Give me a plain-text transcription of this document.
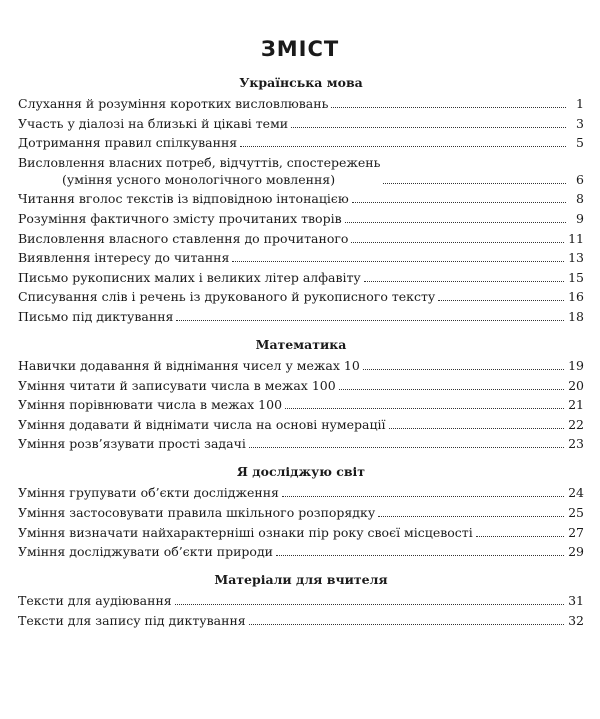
ЗМІСТ
Українська мова
Слухання й розуміння коротких висловлювань	1
Участь у діалозі на близькі й цікаві теми	3
Дотримання правил спілкування	5
Висловлення власних потреб, відчуттів, спостережень
(уміння усного монологічного мовлення)	6
Читання вголос текстів із відповідною інтонацією	8
Розуміння фактичного змісту прочитаних творів	9
Висловлення власного ставлення до прочитаного	11
Виявлення інтересу до читання	13
Письмо рукописних малих і великих літер алфавіту	15
Списування слів і речень із друкованого й рукописного тексту	16
Письмо під диктування	18
Математика
Навички додавання й віднімання чисел у межах 10	19
Уміння читати й записувати числа в межах 100	20
Уміння порівнювати числа в межах 100	21
Уміння додавати й віднімати числа на основі нумерації	22
Уміння розв’язувати прості задачі	23
Я досліджую світ
Уміння групувати об’єкти дослідження	24
Уміння застосовувати правила шкільного розпорядку	25
Уміння визначати найхарактерніші ознаки пір року своєї місцевості	27
Уміння досліджувати об’єкти природи	29
Матеріали для вчителя
Тексти для аудіювання	31
Тексти для запису під диктування	32
